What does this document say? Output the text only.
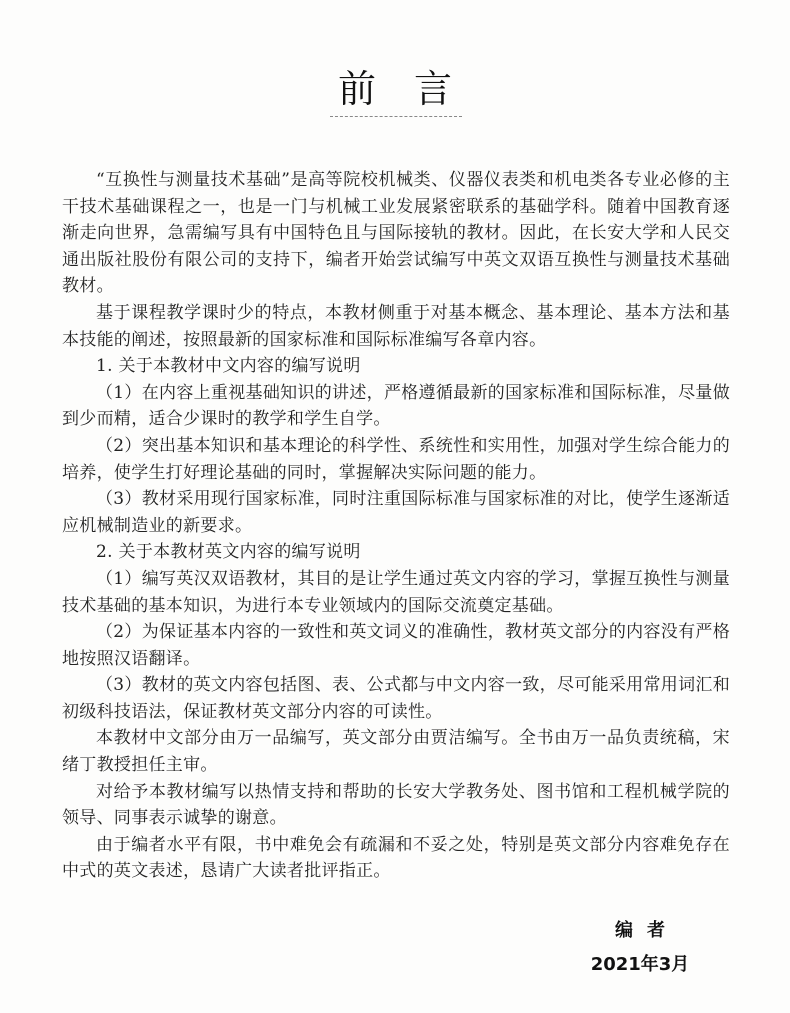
前言

“互换性与测量技术基础”是高等院校机械类、仪器仪表类和机电类各专业必修的主干技术基础课程之一，也是一门与机械工业发展紧密联系的基础学科。随着中国教育逐渐走向世界，急需编写具有中国特色且与国际接轨的教材。因此，在长安大学和人民交通出版社股份有限公司的支持下，编者开始尝试编写中英文双语互换性与测量技术基础教材。

基于课程教学课时少的特点，本教材侧重于对基本概念、基本理论、基本方法和基本技能的阐述，按照最新的国家标准和国际标准编写各章内容。

1. 关于本教材中文内容的编写说明

（1）在内容上重视基础知识的讲述，严格遵循最新的国家标准和国际标准，尽量做到少而精，适合少课时的教学和学生自学。

（2）突出基本知识和基本理论的科学性、系统性和实用性，加强对学生综合能力的培养，使学生打好理论基础的同时，掌握解决实际问题的能力。

（3）教材采用现行国家标准，同时注重国际标准与国家标准的对比，使学生逐渐适应机械制造业的新要求。

2. 关于本教材英文内容的编写说明

（1）编写英汉双语教材，其目的是让学生通过英文内容的学习，掌握互换性与测量技术基础的基本知识，为进行本专业领域内的国际交流奠定基础。

（2）为保证基本内容的一致性和英文词义的准确性，教材英文部分的内容没有严格地按照汉语翻译。

（3）教材的英文内容包括图、表、公式都与中文内容一致，尽可能采用常用词汇和初级科技语法，保证教材英文部分内容的可读性。

本教材中文部分由万一品编写，英文部分由贾洁编写。全书由万一品负责统稿，宋绪丁教授担任主审。

对给予本教材编写以热情支持和帮助的长安大学教务处、图书馆和工程机械学院的领导、同事表示诚挚的谢意。

由于编者水平有限，书中难免会有疏漏和不妥之处，特别是英文部分内容难免存在中式的英文表述，恳请广大读者批评指正。

编者
2021年3月
